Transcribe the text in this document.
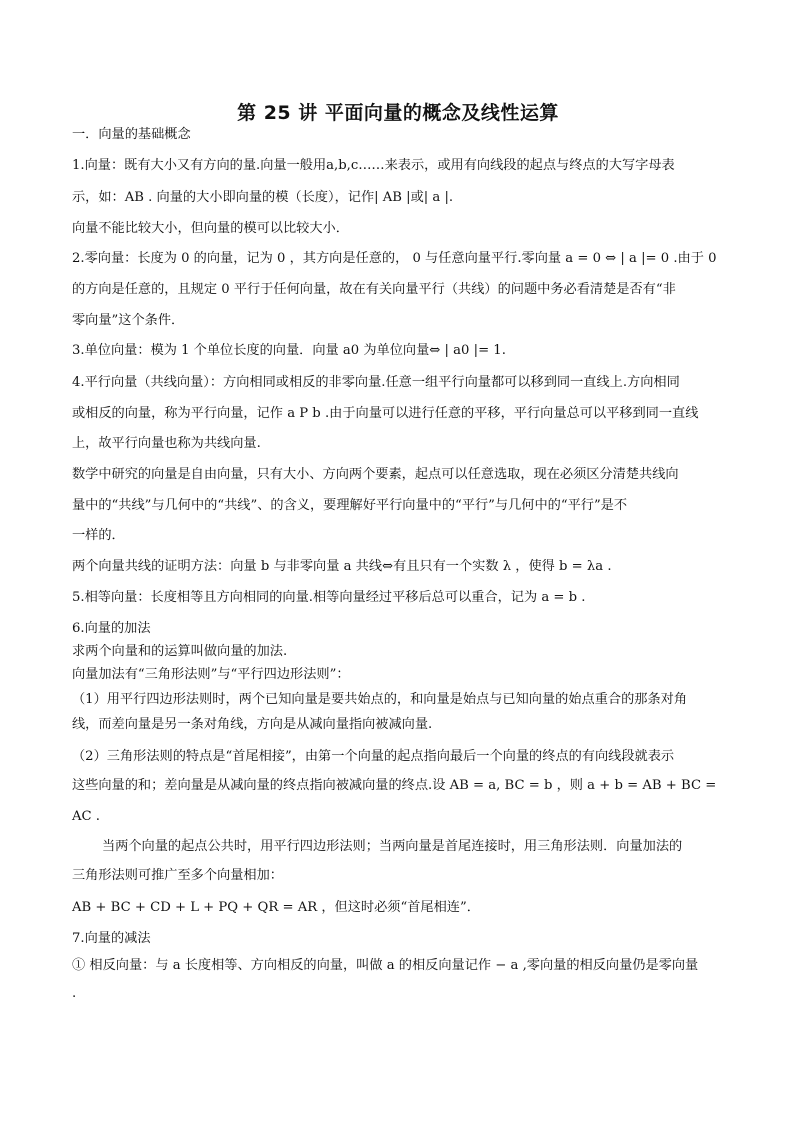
第 25 讲 平面向量的概念及线性运算
一．向量的基础概念
1.向量：既有大小又有方向的量.向量一般用a,b,c……来表示，或用有向线段的起点与终点的大写字母表
示，如：AB . 向量的大小即向量的模（长度），记作| AB |或| a |.
向量不能比较大小，但向量的模可以比较大小．
2.零向量：长度为 0 的向量，记为 0 ，其方向是任意的， 0 与任意向量平行.零向量 a = 0 ⇔ | a |= 0 .由于 0
的方向是任意的，且规定 0 平行于任何向量，故在有关向量平行（共线）的问题中务必看清楚是否有“非
零向量”这个条件．
3.单位向量：模为 1 个单位长度的向量．向量 a0 为单位向量⇔ | a0 |= 1.
4.平行向量（共线向量）：方向相同或相反的非零向量.任意一组平行向量都可以移到同一直线上.方向相同
或相反的向量，称为平行向量，记作 a P b .由于向量可以进行任意的平移，平行向量总可以平移到同一直线
上，故平行向量也称为共线向量.
数学中研究的向量是自由向量，只有大小、方向两个要素，起点可以任意选取，现在必须区分清楚共线向
量中的“共线”与几何中的“共线”、的含义，要理解好平行向量中的“平行”与几何中的“平行”是不
一样的．
两个向量共线的证明方法：向量 b 与非零向量 a 共线⇔有且只有一个实数 λ ，使得 b = λa .
5.相等向量：长度相等且方向相同的向量.相等向量经过平移后总可以重合，记为 a = b .
6.向量的加法
求两个向量和的运算叫做向量的加法.
向量加法有“三角形法则”与“平行四边形法则”：
（1）用平行四边形法则时，两个已知向量是要共始点的，和向量是始点与已知向量的始点重合的那条对角
线，而差向量是另一条对角线，方向是从减向量指向被减向量.
（2）三角形法则的特点是“首尾相接”，由第一个向量的起点指向最后一个向量的终点的有向线段就表示
这些向量的和；差向量是从减向量的终点指向被减向量的终点.设 AB = a, BC = b ，则 a + b = AB + BC =
AC .
当两个向量的起点公共时，用平行四边形法则；当两向量是首尾连接时，用三角形法则．向量加法的
三角形法则可推广至多个向量相加：
AB + BC + CD + L + PQ + QR = AR ，但这时必须“首尾相连”．
7.向量的减法
① 相反向量：与 a 长度相等、方向相反的向量，叫做 a 的相反向量记作 − a ,零向量的相反向量仍是零向量
.
